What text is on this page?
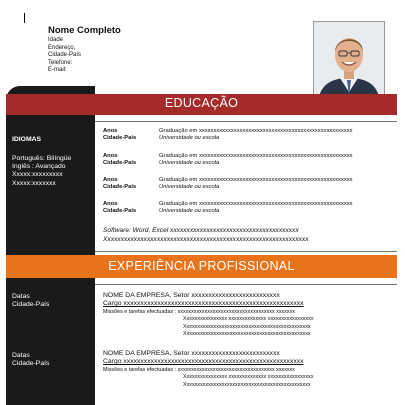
Nome Completo
Idade
Endereço,
Cidade-País
Telefone:
E-mail:
EDUCAÇÃO
IDIOMAS
Português: Bilíngüe
Inglês : Avançado
Xxxxx:xxxxxxxxx
Xxxxx:xxxxxxx
Anos	Graduação em xxxxxxxxxxxxxxxxxxxxxxxxxxxxxxxxxxxxxxxxxxxxxxxxxxxxx
Cidade-País	Universidade ou escola
Anos	Graduação em xxxxxxxxxxxxxxxxxxxxxxxxxxxxxxxxxxxxxxxxxxxxxxxxxxxxx
Cidade-País	Universidade ou escola
Anos	Graduação em xxxxxxxxxxxxxxxxxxxxxxxxxxxxxxxxxxxxxxxxxxxxxxxxxxxxx
Cidade-País	Universidade ou escola
Anos	Graduação em xxxxxxxxxxxxxxxxxxxxxxxxxxxxxxxxxxxxxxxxxxxxxxxxxxxxx
Cidade-País	Universidade ou escola
Software: Word, Excel xxxxxxxxxxxxxxxxxxxxxxxxxxxxxxxxxxxxxxx
Xxxxxxxxxxxxxxxxxxxxxxxxxxxxxxxxxxxxxxxxxxxxxxxxxxxxxxxxxxxxxx
EXPERIÊNCIA PROFISSIONAL
Datas
Cidade-País
NOME DA EMPRESA, Setor xxxxxxxxxxxxxxxxxxxxxxxxxx
Cargo xxxxxxxxxxxxxxxxxxxxxxxxxxxxxxxxxxxxxxxxxxxxxxxxxxxxx
Missões e tarefas efectuadas : xxxxxxxxxxxxxxxxxxxxxxxxxxxxxxxxxxxx xxxxxxx
Xxxxxxxxxxxxxxxx xxxxxxxxxxxxxx xxxxxxxxxxxxxxxxx
Xxxxxxxxxxxxxxxxxxxxxxxxxxxxxxxxxxxxxxxxxxxxxxx
Xxxxxxxxxxxxxxxxxxxxxxxxxxxxxxxxxxxxxxxxxxxxxxx
Datas
Cidade-País
NOME DA EMPRESA, Setor xxxxxxxxxxxxxxxxxxxxxxxxxx
Cargo xxxxxxxxxxxxxxxxxxxxxxxxxxxxxxxxxxxxxxxxxxxxxxxxxxxxx
Missões e tarefas efectuadas : xxxxxxxxxxxxxxxxxxxxxxxxxxxxxxxxxxxx xxxxxxx
Xxxxxxxxxxxxxxxx xxxxxxxxxxxxxx xxxxxxxxxxxxxxxxx
Xxxxxxxxxxxxxxxxxxxxxxxxxxxxxxxxxxxxxxxxxxxxxxx
